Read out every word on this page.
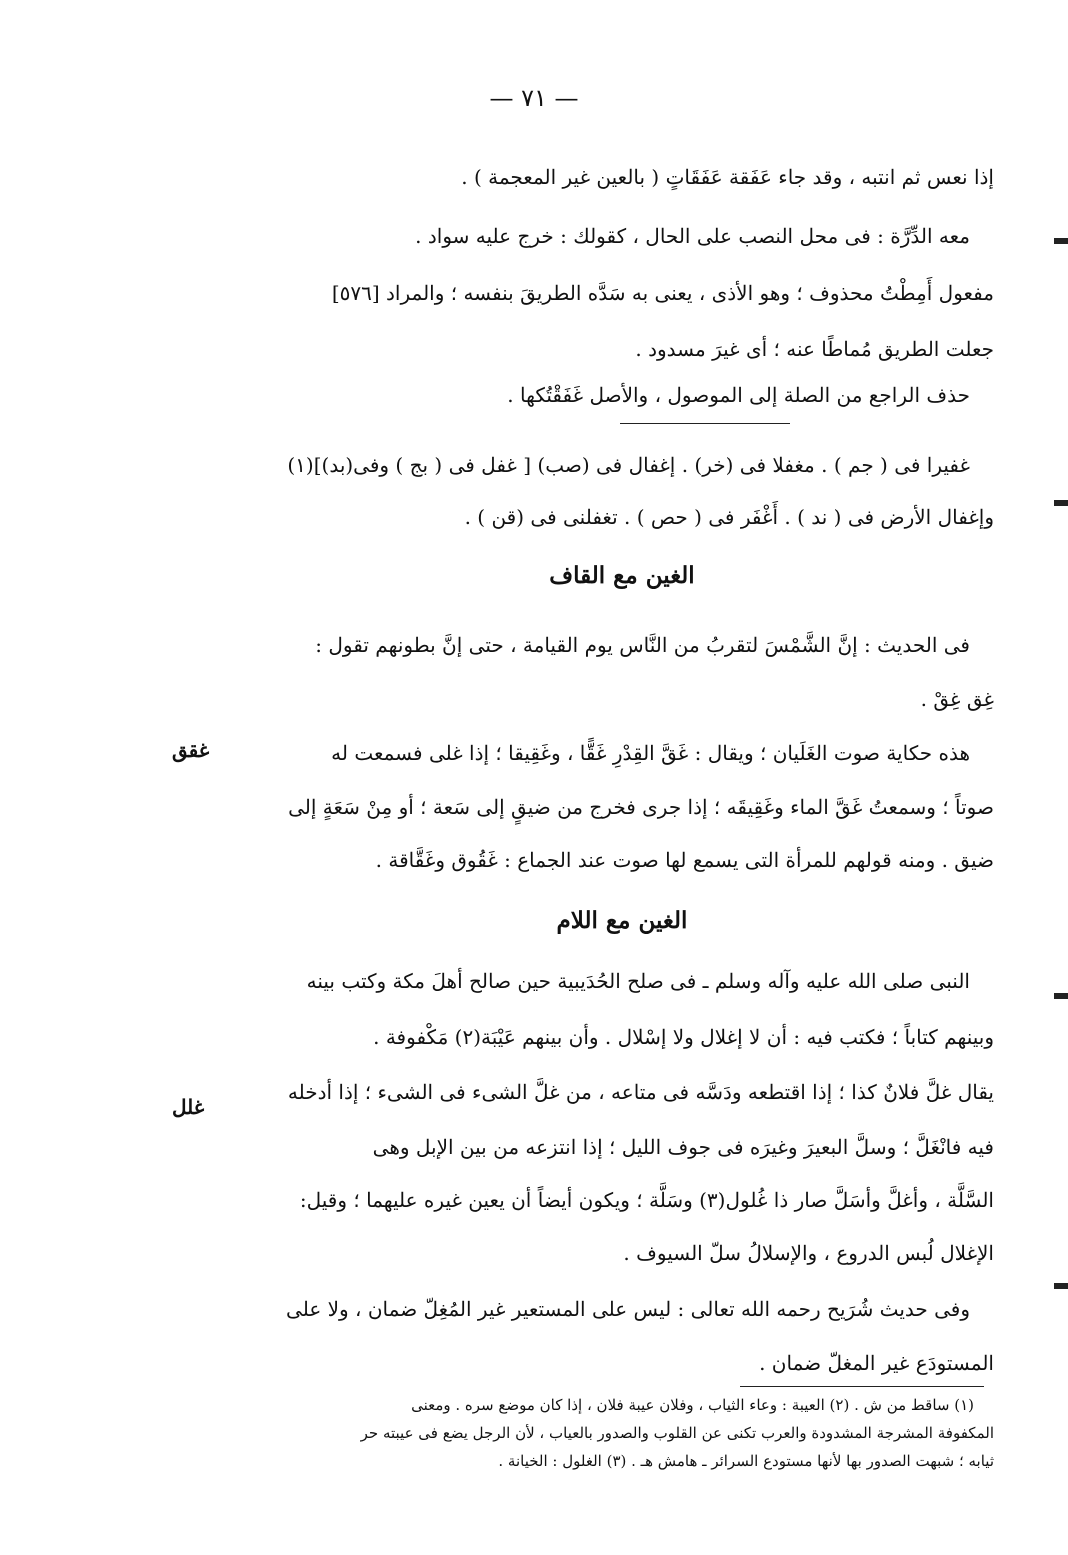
— ٧١ —
إذا نعس ثم انتبه ، وقد جاء عَفَقة عَفَقَاتٍ ( بالعين غير المعجمة ) .
معه الدِّرَّة : فى محل النصب على الحال ، كقولك : خرج عليه سواد .
مفعول أَمِطْتُ محذوف ؛ وهو الأذى ، يعنى به سَدَّه الطريقَ بنفسه ؛ والمراد [٥٧٦]
جعلت الطريق مُماطًا عنه ؛ أى غيرَ مسدود .
حذف الراجع من الصلة إلى الموصول ، والأصل غَفَقْتُكها .
غفيرا فى ( جم ) . مغفلا فى (خر) . إغفال فى (صب) [ غفل فى ( بج ) وفى(بد)](١)
وإغفال الأرض فى ( ند ) . أَغْفَر فى ( حص ) . تغفلنى فى (قن ) .
الغين مع القاف
فى الحديث : إنَّ الشَّمْسَ لتقربُ من النَّاس يوم القيامة ، حتى إنَّ بطونهم تقول :
غِق غِقْ .
هذه حكاية صوت الغَلَيان ؛ ويقال : غَقَّ القِدْرِ غَقًّا ، وغَقِيقا ؛ إذا غلى فسمعت له
صوتاً ؛ وسمعتُ غَقَّ الماء وغَقِيقَه ؛ إذا جرى فخرج من ضيقٍ إلى سَعة ؛ أو مِنْ سَعَةٍ إلى
ضيق . ومنه قولهم للمرأة التى يسمع لها صوت عند الجماع : غَقُوق وغَقَّاقة .
غقق
الغين مع اللام
النبى صلى الله عليه وآله وسلم ـ فى صلح الحُدَيبية حين صالح أهلَ مكة وكتب بينه
وبينهم كتاباً ؛ فكتب فيه : أن لا إغلال ولا إسْلال . وأن بينهم عَيْبَة(٢) مَكْفوفة .
يقال غلَّ فلانٌ كذا ؛ إذا اقتطعه ودَسَّه فى متاعه ، من غلَّ الشىء فى الشىء ؛ إذا أدخله
فيه فانْغَلَّ ؛ وسلَّ البعيرَ وغيرَه فى جوف الليل ؛ إذا انتزعه من بين الإبل وهى
السَّلَّة ، وأغلَّ وأسَلَّ صار ذا غُلول(٣) وسَلَّة ؛ ويكون أيضاً أن يعين غيره عليهما ؛ وقيل:
الإغلال لُبس الدروع ، والإسلالُ سلّ السيوف .
وفى حديث شُرَيح رحمه الله تعالى : ليس على المستعير غير المُغِلّ ضمان ، ولا على
المستودَع غير المغلّ ضمان .
غلل
(١) ساقط من ش . (٢) العيبة : وعاء الثياب ، وفلان عيبة فلان ، إذا كان موضع سره . ومعنى
المكفوفة المشرجة المشدودة والعرب تكنى عن القلوب والصدور بالعياب ، لأن الرجل يضع فى عيبته حر
ثيابه ؛ شبهت الصدور بها لأنها مستودع السرائر ـ هامش هـ . (٣) الغلول : الخيانة .
